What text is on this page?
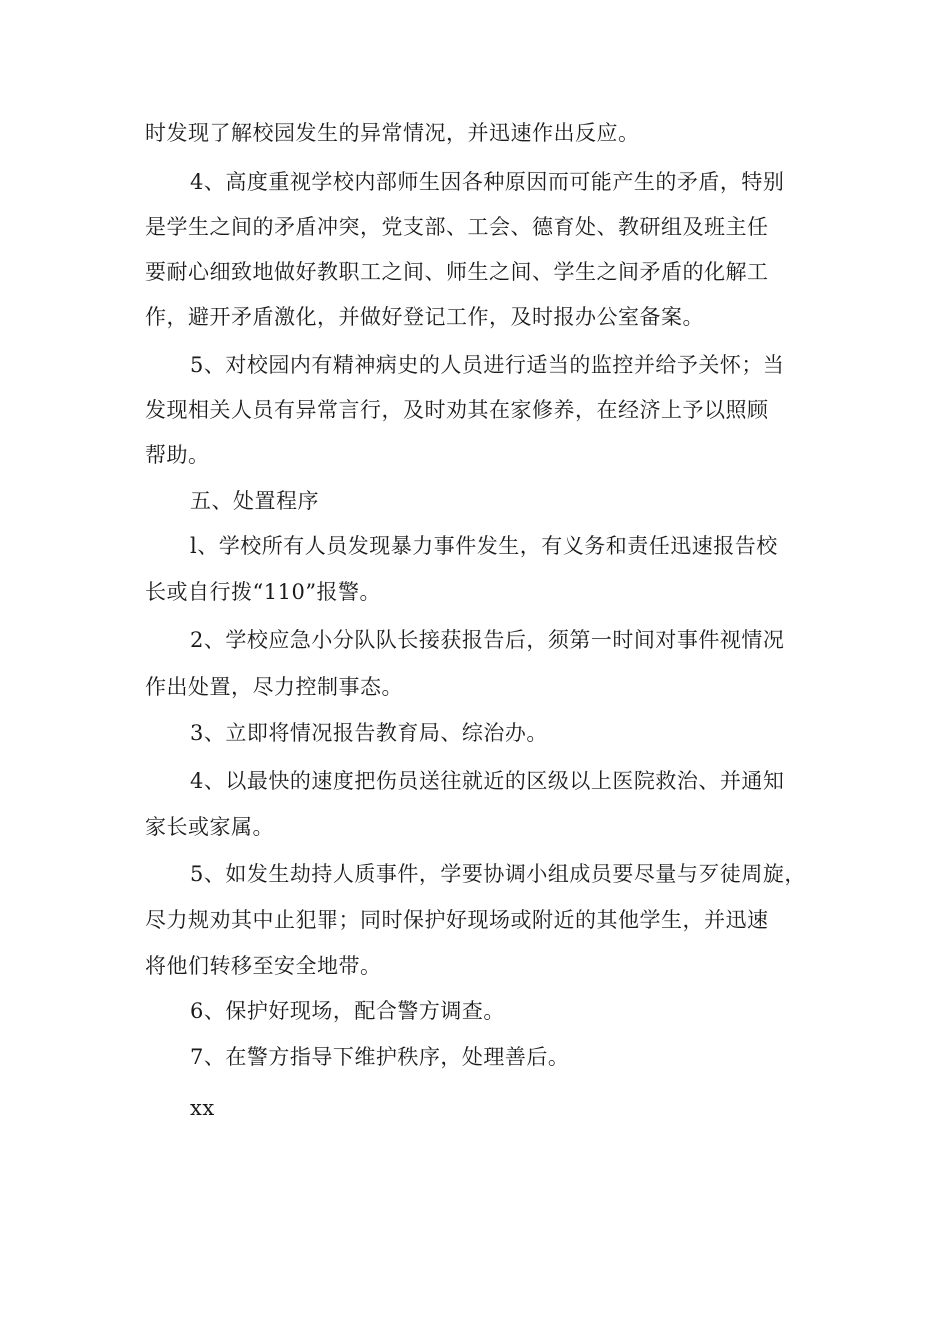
时发现了解校园发生的异常情况，并迅速作出反应。
4、高度重视学校内部师生因各种原因而可能产生的矛盾，特别
是学生之间的矛盾冲突，党支部、工会、德育处、教研组及班主任
要耐心细致地做好教职工之间、师生之间、学生之间矛盾的化解工
作，避开矛盾激化，并做好登记工作，及时报办公室备案。
5、对校园内有精神病史的人员进行适当的监控并给予关怀；当
发现相关人员有异常言行，及时劝其在家修养，在经济上予以照顾
帮助。
五、处置程序
l、学校所有人员发现暴力事件发生，有义务和责任迅速报告校
长或自行拨“110”报警。
2、学校应急小分队队长接获报告后，须第一时间对事件视情况
作出处置，尽力控制事态。
3、立即将情况报告教育局、综治办。
4、以最快的速度把伤员送往就近的区级以上医院救治、并通知
家长或家属。
5、如发生劫持人质事件，学要协调小组成员要尽量与歹徒周旋，
尽力规劝其中止犯罪；同时保护好现场或附近的其他学生，并迅速
将他们转移至安全地带。
6、保护好现场，配合警方调查。
7、在警方指导下维护秩序，处理善后。
xx
